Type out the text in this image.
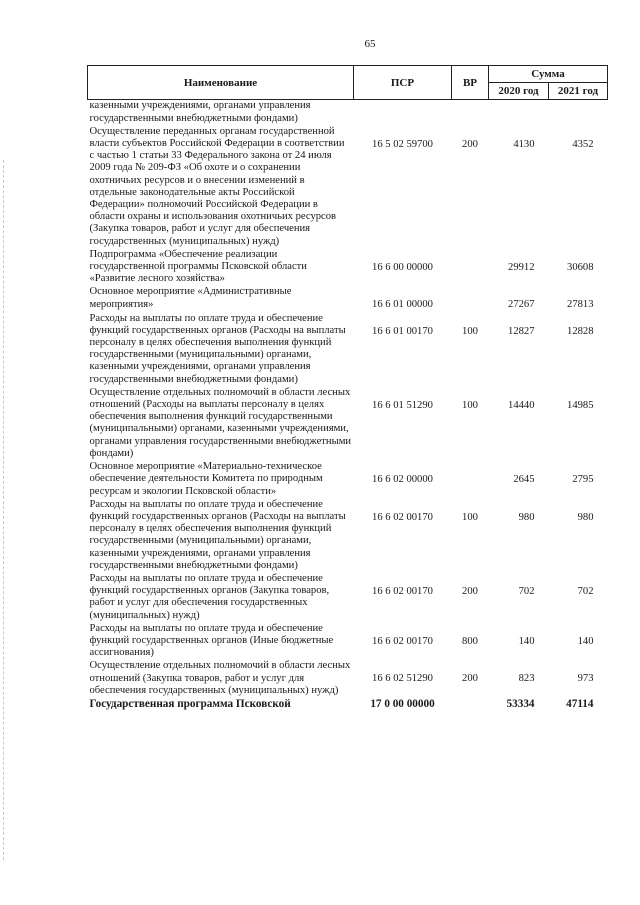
65
Наименование	ПСР	ВР	Сумма	
			2020 год	2021 год
казенными учреждениями, органами управления государственными внебюджетными фондами)				
Осуществление переданных органам государственной власти субъектов Российской Федерации в соответствии с частью 1 статьи 33 Федерального закона от 24 июля 2009 года № 209-ФЗ «Об охоте и о сохранении охотничьих ресурсов и о внесении изменений в отдельные законодательные акты Российской Федерации» полномочий Российской Федерации в области охраны и использования охотничьих ресурсов (Закупка товаров, работ и услуг для обеспечения государственных (муниципальных) нужд)	16 5 02 59700	200	4130	4352
Подпрограмма «Обеспечение реализации государственной программы Псковской области «Развитие лесного хозяйства»	16 6 00 00000		29912	30608
Основное мероприятие «Административные мероприятия»	16 6 01 00000		27267	27813
Расходы на выплаты по оплате труда и обеспечение функций государственных органов (Расходы на выплаты персоналу в целях обеспечения выполнения функций государственными (муниципальными) органами, казенными учреждениями, органами управления государственными внебюджетными фондами)	16 6 01 00170	100	12827	12828
Осуществление отдельных полномочий в области лесных отношений (Расходы на выплаты персоналу в целях обеспечения выполнения функций государственными (муниципальными) органами, казенными учреждениями, органами управления государственными внебюджетными фондами)	16 6 01 51290	100	14440	14985
Основное мероприятие «Материально-техническое обеспечение деятельности Комитета по природным ресурсам и экологии Псковской области»	16 6 02 00000		2645	2795
Расходы на выплаты по оплате труда и обеспечение функций государственных органов (Расходы на выплаты персоналу в целях обеспечения выполнения функций государственными (муниципальными) органами, казенными учреждениями, органами управления государственными внебюджетными фондами)	16 6 02 00170	100	980	980
Расходы на выплаты по оплате труда и обеспечение функций государственных органов (Закупка товаров, работ и услуг для обеспечения государственных (муниципальных) нужд)	16 6 02 00170	200	702	702
Расходы на выплаты по оплате труда и обеспечение функций государственных органов (Иные бюджетные ассигнования)	16 6 02 00170	800	140	140
Осуществление отдельных полномочий в области лесных отношений (Закупка товаров, работ и услуг для обеспечения государственных (муниципальных) нужд)	16 6 02 51290	200	823	973
Государственная программа Псковской	17 0 00 00000		53334	47114
